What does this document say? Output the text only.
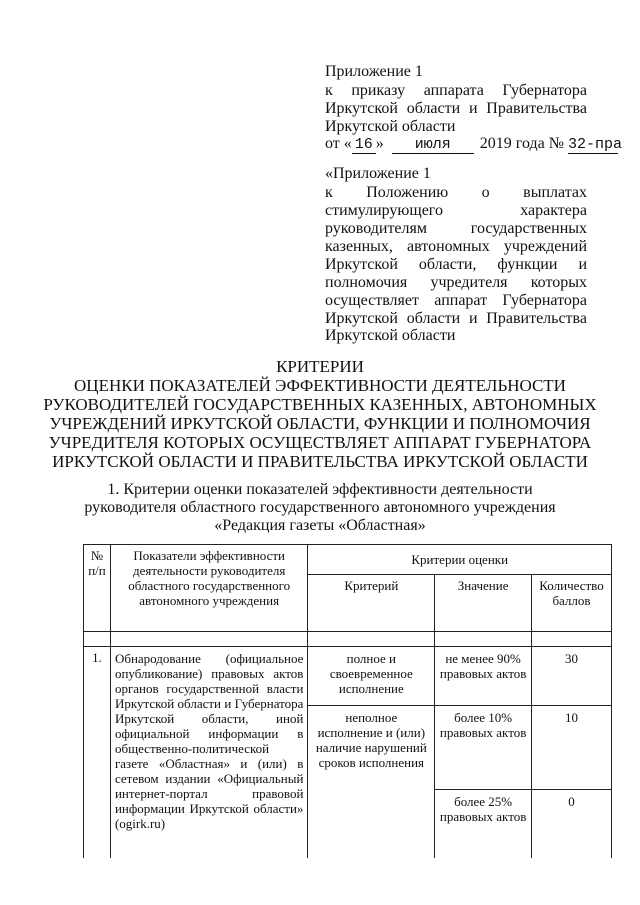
Приложение 1
к приказу аппарата Губернатора
Иркутской области и Правительства
Иркутской области
от « 16 » июля 2019 года № 32-пра
«Приложение 1
к Положению о выплатах
стимулирующего характера
руководителям государственных
казенных, автономных учреждений
Иркутской области, функции и
полномочия учредителя которых
осуществляет аппарат Губернатора
Иркутской области и Правительства
Иркутской области
КРИТЕРИИ
ОЦЕНКИ ПОКАЗАТЕЛЕЙ ЭФФЕКТИВНОСТИ ДЕЯТЕЛЬНОСТИ
РУКОВОДИТЕЛЕЙ ГОСУДАРСТВЕННЫХ КАЗЕННЫХ, АВТОНОМНЫХ
УЧРЕЖДЕНИЙ ИРКУТСКОЙ ОБЛАСТИ, ФУНКЦИИ И ПОЛНОМОЧИЯ
УЧРЕДИТЕЛЯ КОТОРЫХ ОСУЩЕСТВЛЯЕТ АППАРАТ ГУБЕРНАТОРА
ИРКУТСКОЙ ОБЛАСТИ И ПРАВИТЕЛЬСТВА ИРКУТСКОЙ ОБЛАСТИ
1. Критерии оценки показателей эффективности деятельности
руководителя областного государственного автономного учреждения
«Редакция газеты «Областная»
№ п/п	Показатели эффективности деятельности руководителя областного государственного автономного учреждения	Критерии оценки		
		Критерий	Значение	Количество баллов

1.	Обнародование (официальное опубликование) правовых актов органов государственной власти Иркутской области и Губернатора Иркутской области, иной официальной информации в общественно-политической газете «Областная» и (или) в сетевом издании «Официальный интернет-портал правовой информации Иркутской области» (ogirk.ru)	полное и своевременное исполнение	не менее 90% правовых актов	30
		неполное исполнение и (или) наличие нарушений сроков исполнения	более 10% правовых актов	10
			более 25% правовых актов	0
